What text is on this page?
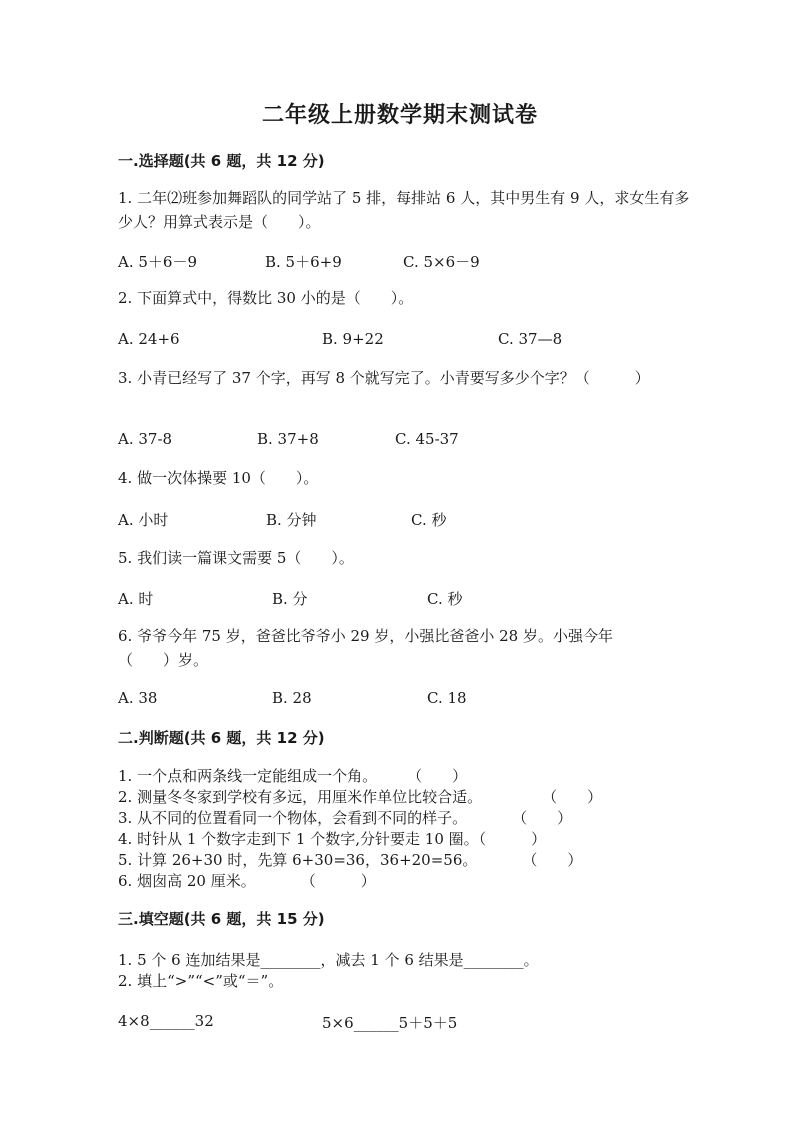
二年级上册数学期末测试卷
一.选择题(共 6 题，共 12 分)
1. 二年⑵班参加舞蹈队的同学站了 5 排，每排站 6 人，其中男生有 9 人，求女生有多少人？用算式表示是（　　）。
A. 5＋6－9	B. 5＋6+9	C. 5×6－9
2. 下面算式中，得数比 30 小的是（　　）。
A. 24+6	B. 9+22	C. 37—8
3. 小青已经写了 37 个字，再写 8 个就写完了。小青要写多少个字？（　　　）
A. 37-8	B. 37+8	C. 45-37
4. 做一次体操要 10（　　）。
A. 小时	B. 分钟	C. 秒
5. 我们读一篇课文需要 5（　　）。
A. 时	B. 分	C. 秒
6. 爷爷今年 75 岁，爸爸比爷爷小 29 岁，小强比爸爸小 28 岁。小强今年（　　）岁。
A. 38	B. 28	C. 18
二.判断题(共 6 题，共 12 分)
1. 一个点和两条线一定能组成一个角。　　　（　　）
2. 测量冬冬家到学校有多远，用厘米作单位比较合适。　　　　　（　　）
3. 从不同的位置看同一个物体，会看到不同的样子。　　　　（　　）
4. 时针从 1 个数字走到下 1 个数字,分针要走 10 圈。（　　　）
5. 计算 26+30 时，先算 6+30=36，36+20=56。　　　　（　　）
6. 烟囱高 20 厘米。　　　　（　　　）
三.填空题(共 6 题，共 15 分)
1. 5 个 6 连加结果是________，减去 1 个 6 结果是________。
2. 填上“>”“<”或“＝”。
4×8______32	5×6______5＋5＋5
